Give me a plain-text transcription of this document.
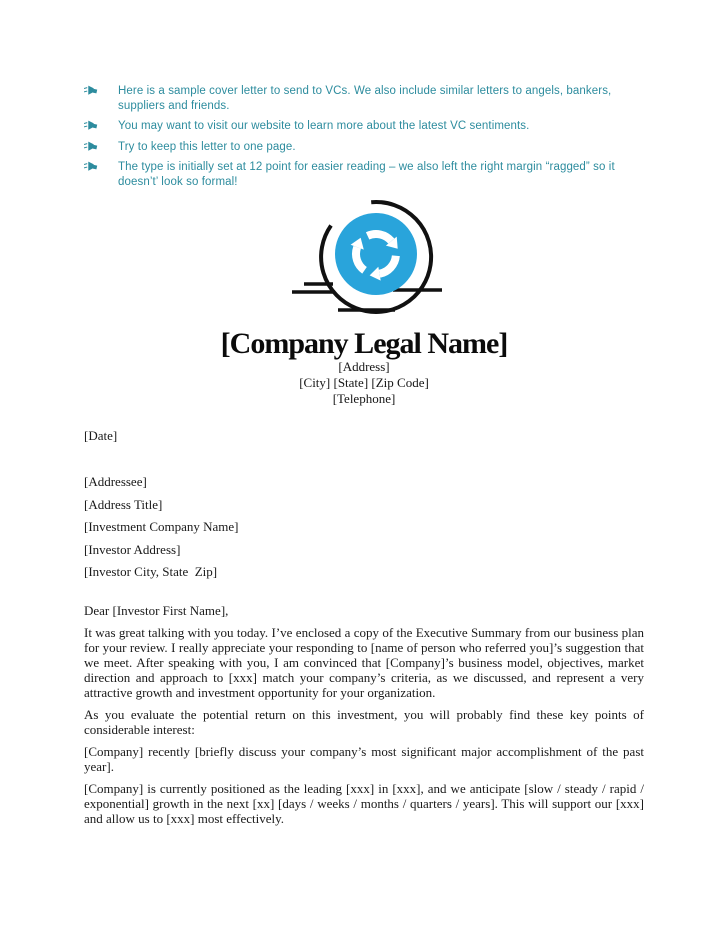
Here is a sample cover letter to send to VCs. We also include similar letters to angels, bankers, suppliers and friends.
You may want to visit our website to learn more about the latest VC sentiments.
Try to keep this letter to one page.
The type is initially set at 12 point for easier reading – we also left the right margin “ragged” so it doesn’t’ look so formal!
[Company Legal Name]
[Address]
[City] [State] [Zip Code]
[Telephone]
[Date]
[Addressee]
[Address Title]
[Investment Company Name]
[Investor Address]
[Investor City, State  Zip]

Dear [Investor First Name],

It was great talking with you today. I’ve enclosed a copy of the Executive Summary from our business plan for your review. I really appreciate your responding to [name of person who referred you]’s suggestion that we meet. After speaking with you, I am convinced that [Company]’s business model, objectives, market direction and approach to [xxx] match your company’s criteria, as we discussed, and represent a very attractive growth and investment opportunity for your organization.

As you evaluate the potential return on this investment, you will probably find these key points of considerable interest:

[Company] recently [briefly discuss your company’s most significant major accomplishment of the past year].

[Company] is currently positioned as the leading [xxx] in [xxx], and we anticipate [slow / steady / rapid / exponential] growth in the next [xx] [days / weeks / months / quarters / years]. This will support our [xxx] and allow us to [xxx] most effectively.
